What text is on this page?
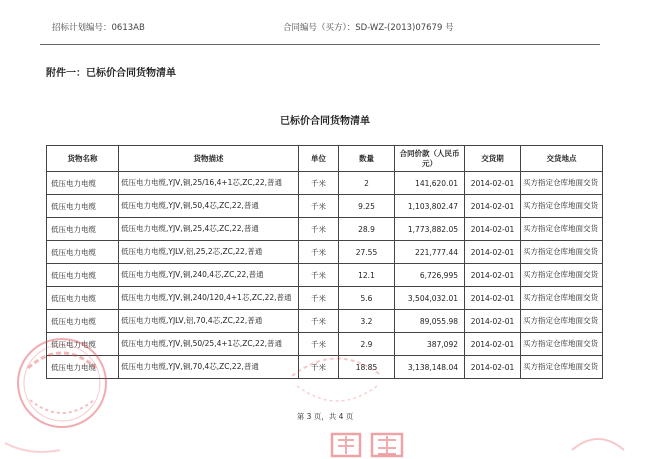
招标计划编号：0613AB	合同编号（买方）：SD-WZ-(2013)07679 号
附件一：已标价合同货物清单
已标价合同货物清单
货物名称	货物描述	单位	数量	合同价款（人民币元）	交货期	交货地点
低压电力电缆	低压电力电缆,YJV,铜,25/16,4+1芯,ZC,22,普通	千米	2	141,620.01	2014-02-01	买方指定仓库地面交货
低压电力电缆	低压电力电缆,YJV,铜,50,4芯,ZC,22,普通	千米	9.25	1,103,802.47	2014-02-01	买方指定仓库地面交货
低压电力电缆	低压电力电缆,YJV,铜,25,4芯,ZC,22,普通	千米	28.9	1,773,882.05	2014-02-01	买方指定仓库地面交货
低压电力电缆	低压电力电缆,YJLV,铝,25,2芯,ZC,22,普通	千米	27.55	221,777.44	2014-02-01	买方指定仓库地面交货
低压电力电缆	低压电力电缆,YJV,铜,240,4芯,ZC,22,普通	千米	12.1	6,726,995	2014-02-01	买方指定仓库地面交货
低压电力电缆	低压电力电缆,YJV,铜,240/120,4+1芯,ZC,22,普通	千米	5.6	3,504,032.01	2014-02-01	买方指定仓库地面交货
低压电力电缆	低压电力电缆,YJLV,铝,70,4芯,ZC,22,普通	千米	3.2	89,055.98	2014-02-01	买方指定仓库地面交货
低压电力电缆	低压电力电缆,YJV,铜,50/25,4+1芯,ZC,22,普通	千米	2.9	387,092	2014-02-01	买方指定仓库地面交货
低压电力电缆	低压电力电缆,YJV,铜,70,4芯,ZC,22,普通	千米	18.85	3,138,148.04	2014-02-01	买方指定仓库地面交货
第 3 页，共 4 页
